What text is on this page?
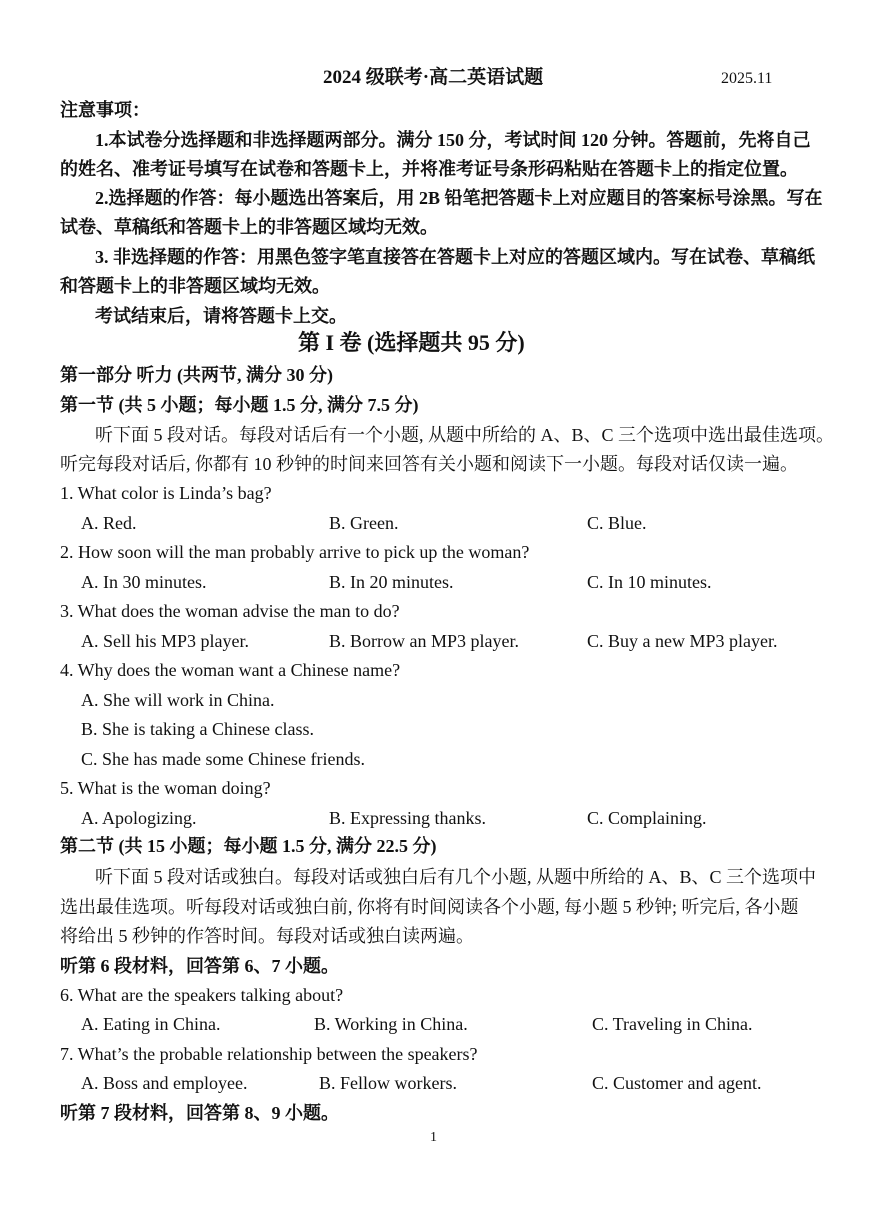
2024 级联考·高二英语试题	2025.11
注意事项：
1.本试卷分选择题和非选择题两部分。满分 150 分，考试时间 120 分钟。答题前，先将自己
的姓名、准考证号填写在试卷和答题卡上，并将准考证号条形码粘贴在答题卡上的指定位置。
2.选择题的作答：每小题选出答案后，用 2B 铅笔把答题卡上对应题目的答案标号涂黑。写在
试卷、草稿纸和答题卡上的非答题区域均无效。
3. 非选择题的作答：用黑色签字笔直接答在答题卡上对应的答题区域内。写在试卷、草稿纸
和答题卡上的非答题区域均无效。
考试结束后，请将答题卡上交。
第 I 卷 (选择题共 95 分)
第一部分 听力 (共两节, 满分 30 分)
第一节 (共 5 小题；每小题 1.5 分, 满分 7.5 分)
听下面 5 段对话。每段对话后有一个小题, 从题中所给的 A、B、C 三个选项中选出最佳选项。
听完每段对话后, 你都有 10 秒钟的时间来回答有关小题和阅读下一小题。每段对话仅读一遍。
1. What color is Linda’s bag?
A. Red.	B. Green.	C. Blue.
2. How soon will the man probably arrive to pick up the woman?
A. In 30 minutes.	B. In 20 minutes.	C. In 10 minutes.
3. What does the woman advise the man to do?
A. Sell his MP3 player.	B. Borrow an MP3 player.	C. Buy a new MP3 player.
4. Why does the woman want a Chinese name?
A. She will work in China.
B. She is taking a Chinese class.
C. She has made some Chinese friends.
5. What is the woman doing?
A. Apologizing.	B. Expressing thanks.	C. Complaining.
第二节 (共 15 小题；每小题 1.5 分, 满分 22.5 分)
听下面 5 段对话或独白。每段对话或独白后有几个小题, 从题中所给的 A、B、C 三个选项中
选出最佳选项。听每段对话或独白前, 你将有时间阅读各个小题, 每小题 5 秒钟; 听完后, 各小题
将给出 5 秒钟的作答时间。每段对话或独白读两遍。
听第 6 段材料，回答第 6、7 小题。
6. What are the speakers talking about?
A. Eating in China.	B. Working in China.	C. Traveling in China.
7. What’s the probable relationship between the speakers?
A. Boss and employee.	B. Fellow workers.	C. Customer and agent.
听第 7 段材料，回答第 8、9 小题。
1
